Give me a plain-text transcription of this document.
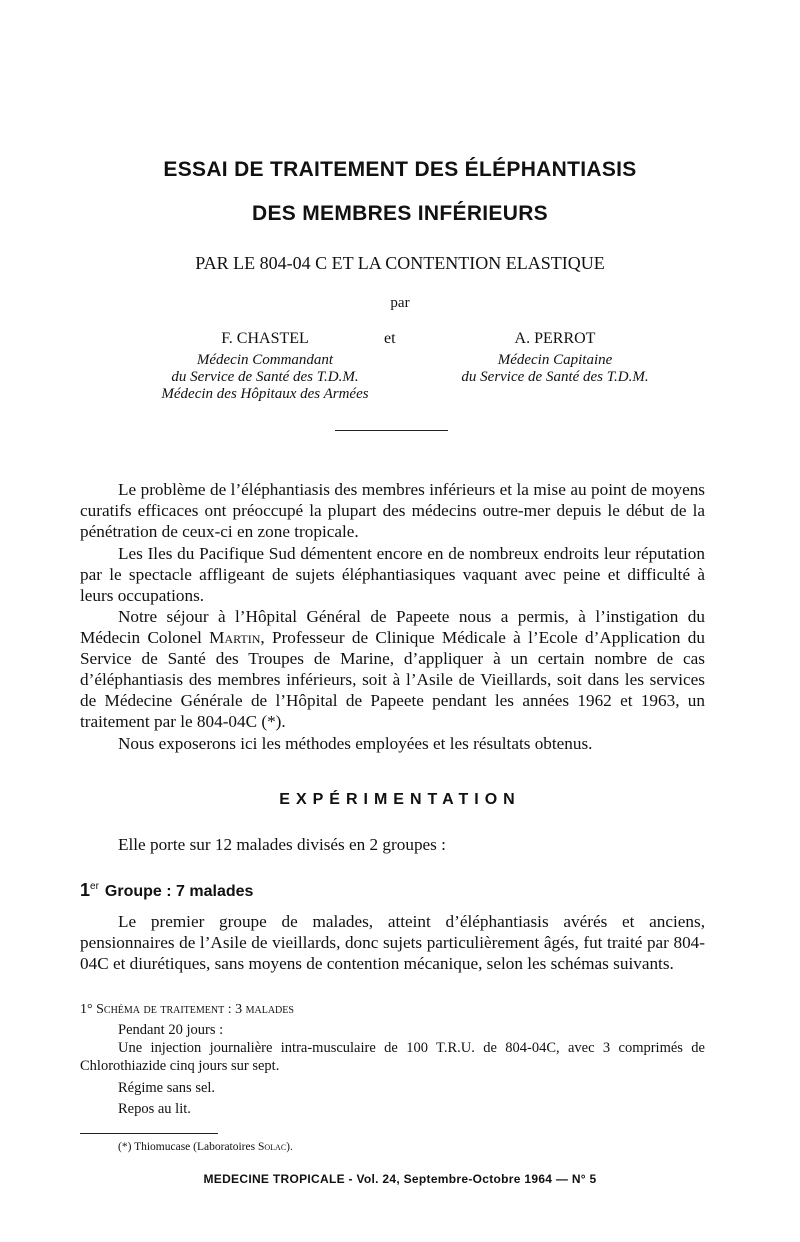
ESSAI DE TRAITEMENT DES ÉLÉPHANTIASIS
DES MEMBRES INFÉRIEURS
PAR LE 804-04 C ET LA CONTENTION ELASTIQUE
par
F. CHASTEL
Médecin Commandant
du Service de Santé des T.D.M.
Médecin des Hôpitaux des Armées
et	A. PERROT
Médecin Capitaine
du Service de Santé des T.D.M.

Le problème de l’éléphantiasis des membres inférieurs et la mise au point de moyens curatifs efficaces ont préoccupé la plupart des médecins outre-mer depuis le début de la pénétration de ceux-ci en zone tropicale.

Les Iles du Pacifique Sud démentent encore en de nombreux endroits leur réputation par le spectacle affligeant de sujets éléphantiasiques vaquant avec peine et difficulté à leurs occupations.

Notre séjour à l’Hôpital Général de Papeete nous a permis, à l’instigation du Médecin Colonel Martin, Professeur de Clinique Médicale à l’Ecole d’Application du Service de Santé des Troupes de Marine, d’appliquer à un certain nombre de cas d’éléphantiasis des membres inférieurs, soit à l’Asile de Vieillards, soit dans les services de Médecine Générale de l’Hôpital de Papeete pendant les années 1962 et 1963, un traitement par le 804-04C (*).

Nous exposerons ici les méthodes employées et les résultats obtenus.

EXPÉRIMENTATION
Elle porte sur 12 malades divisés en 2 groupes :
1er Groupe : 7 malades

Le premier groupe de malades, atteint d’éléphantiasis avérés et anciens, pensionnaires de l’Asile de vieillards, donc sujets particulièrement âgés, fut traité par 804-04C et diurétiques, sans moyens de contention mécanique, selon les schémas suivants.

1° Schéma de traitement : 3 malades
Pendant 20 jours :

Une injection journalière intra-musculaire de 100 T.R.U. de 804-04C, avec 3 comprimés de Chlorothiazide cinq jours sur sept.

Régime sans sel.
Repos au lit.
(*) Thiomucase (Laboratoires Solac).
MEDECINE TROPICALE - Vol. 24, Septembre-Octobre 1964 — N° 5
